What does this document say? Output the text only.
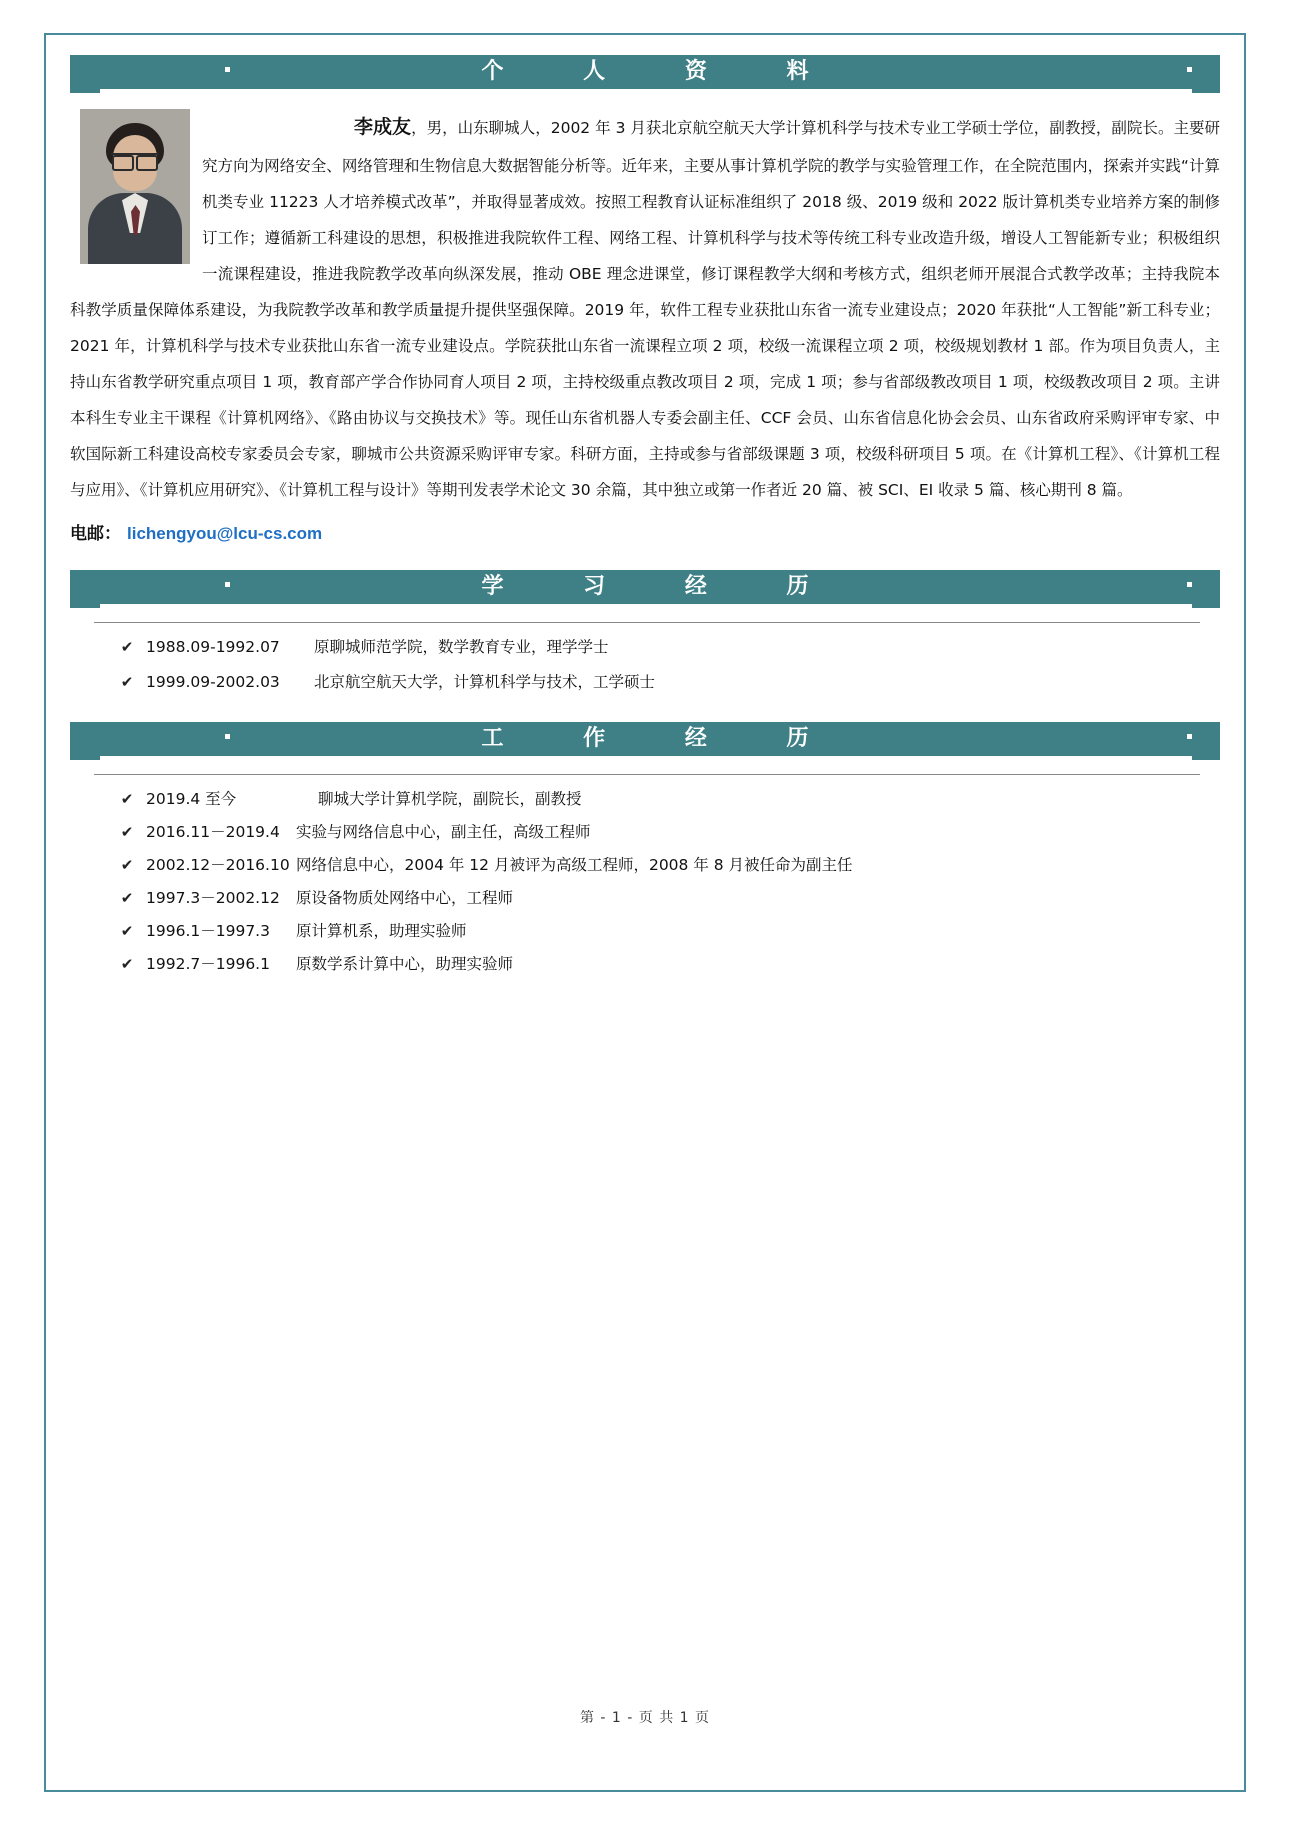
个 人 资 料
李成友，男，山东聊城人，2002 年 3 月获北京航空航天大学计算机科学与技术专业工学硕士学位，副教授，副院长。主要研究方向为网络安全、网络管理和生物信息大数据智能分析等。近年来，主要从事计算机学院的教学与实验管理工作，在全院范围内，探索并实践“计算机类专业 11223 人才培养模式改革”，并取得显著成效。按照工程教育认证标准组织了 2018 级、2019 级和 2022 版计算机类专业培养方案的制修订工作；遵循新工科建设的思想，积极推进我院软件工程、网络工程、计算机科学与技术等传统工科专业改造升级，增设人工智能新专业；积极组织一流课程建设，推进我院教学改革向纵深发展，推动 OBE 理念进课堂，修订课程教学大纲和考核方式，组织老师开展混合式教学改革；主持我院本科教学质量保障体系建设，为我院教学改革和教学质量提升提供坚强保障。2019 年，软件工程专业获批山东省一流专业建设点；2020 年获批“人工智能”新工科专业；2021 年，计算机科学与技术专业获批山东省一流专业建设点。学院获批山东省一流课程立项 2 项，校级一流课程立项 2 项，校级规划教材 1 部。作为项目负责人，主持山东省教学研究重点项目 1 项，教育部产学合作协同育人项目 2 项，主持校级重点教改项目 2 项，完成 1 项；参与省部级教改项目 1 项，校级教改项目 2 项。主讲本科生专业主干课程《计算机网络》、《路由协议与交换技术》等。现任山东省机器人专委会副主任、CCF 会员、山东省信息化协会会员、山东省政府采购评审专家、中软国际新工科建设高校专家委员会专家，聊城市公共资源采购评审专家。科研方面，主持或参与省部级课题 3 项，校级科研项目 5 项。在《计算机工程》、《计算机工程与应用》、《计算机应用研究》、《计算机工程与设计》等期刊发表学术论文 30 余篇，其中独立或第一作者近 20 篇、被 SCI、EI 收录 5 篇、核心期刊 8 篇。
电邮： lichengyou@lcu-cs.com
学 习 经 历
✔ 1988.09-1992.07	原聊城师范学院，数学教育专业，理学学士
✔ 1999.09-2002.03	北京航空航天大学，计算机科学与技术，工学硕士
工 作 经 历
✔ 2019.4 至今	聊城大学计算机学院，副院长，副教授
✔ 2016.11－2019.4	实验与网络信息中心，副主任，高级工程师
✔ 2002.12－2016.10 网络信息中心，2004 年 12 月被评为高级工程师，2008 年 8 月被任命为副主任
✔ 1997.3－2002.12	原设备物质处网络中心，工程师
✔ 1996.1－1997.3	原计算机系，助理实验师
✔ 1992.7－1996.1	原数学系计算中心，助理实验师
第 - 1 - 页 共 1 页
